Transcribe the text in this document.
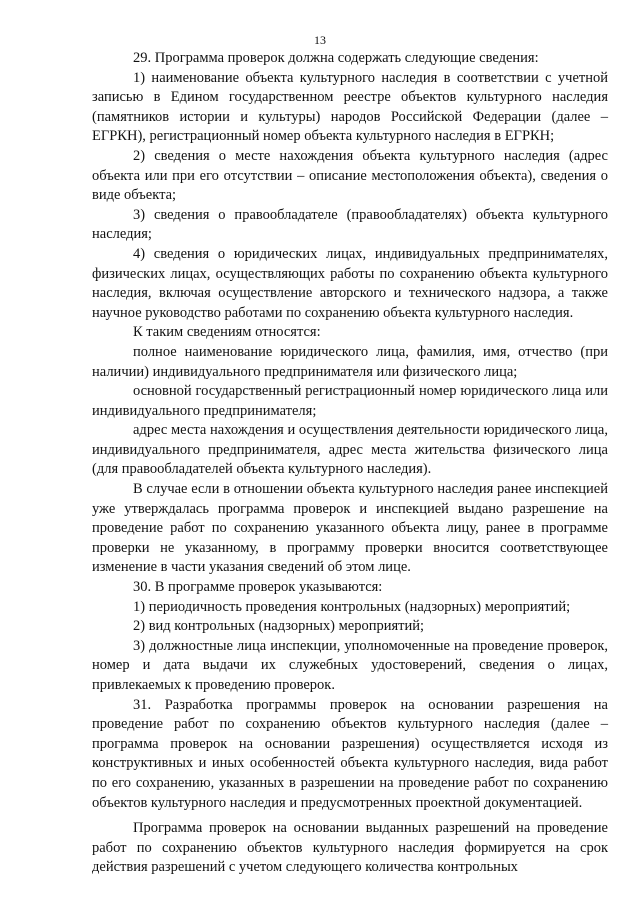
13

29. Программа проверок должна содержать следующие сведения:

1) наименование объекта культурного наследия в соответствии с учетной записью в Едином государственном реестре объектов культурного наследия (памятников истории и культуры) народов Российской Федерации (далее – ЕГРКН), регистрационный номер объекта культурного наследия в ЕГРКН;

2) сведения о месте нахождения объекта культурного наследия (адрес объекта или при его отсутствии – описание местоположения объекта), сведения о виде объекта;

3) сведения о правообладателе (правообладателях) объекта культурного наследия;

4) сведения о юридических лицах, индивидуальных предпринимателях, физических лицах, осуществляющих работы по сохранению объекта культурного наследия, включая осуществление авторского и технического надзора, а также научное руководство работами по сохранению объекта культурного наследия.

К таким сведениям относятся:

полное наименование юридического лица, фамилия, имя, отчество (при наличии) индивидуального предпринимателя или физического лица;

основной государственный регистрационный номер юридического лица или индивидуального предпринимателя;

адрес места нахождения и осуществления деятельности юридического лица, индивидуального предпринимателя, адрес места жительства физического лица (для правообладателей объекта культурного наследия).

В случае если в отношении объекта культурного наследия ранее инспекцией уже утверждалась программа проверок и инспекцией выдано разрешение на проведение работ по сохранению указанного объекта лицу, ранее в программе проверки не указанному, в программу проверки вносится соответствующее изменение в части указания сведений об этом лице.

30. В программе проверок указываются:

1) периодичность проведения контрольных (надзорных) мероприятий;

2) вид контрольных (надзорных) мероприятий;

3) должностные лица инспекции, уполномоченные на проведение проверок, номер и дата выдачи их служебных удостоверений, сведения о лицах, привлекаемых к проведению проверок.

31. Разработка программы проверок на основании разрешения на проведение работ по сохранению объектов культурного наследия (далее – программа проверок на основании разрешения) осуществляется исходя из конструктивных и иных особенностей объекта культурного наследия, вида работ по его сохранению, указанных в разрешении на проведение работ по сохранению объектов культурного наследия и предусмотренных проектной документацией.

Программа проверок на основании выданных разрешений на проведение работ по сохранению объектов культурного наследия формируется на срок действия разрешений с учетом следующего количества контрольных
